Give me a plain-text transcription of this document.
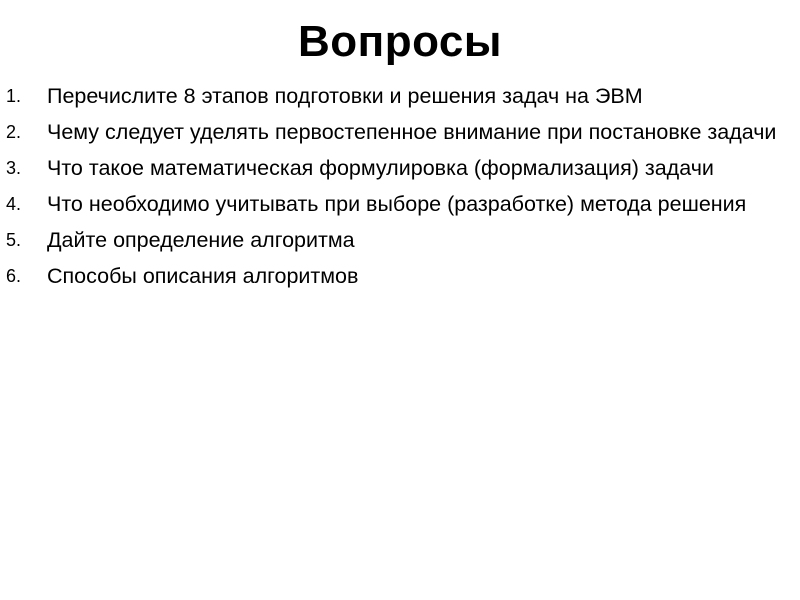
Вопросы
1. Перечислите 8 этапов подготовки и решения задач на ЭВМ
2. Чему следует уделять первостепенное внимание при постановке задачи
3. Что такое математическая формулировка (формализация) задачи
4. Что необходимо учитывать при выборе (разработке) метода решения
5. Дайте определение алгоритма
6. Способы описания алгоритмов
